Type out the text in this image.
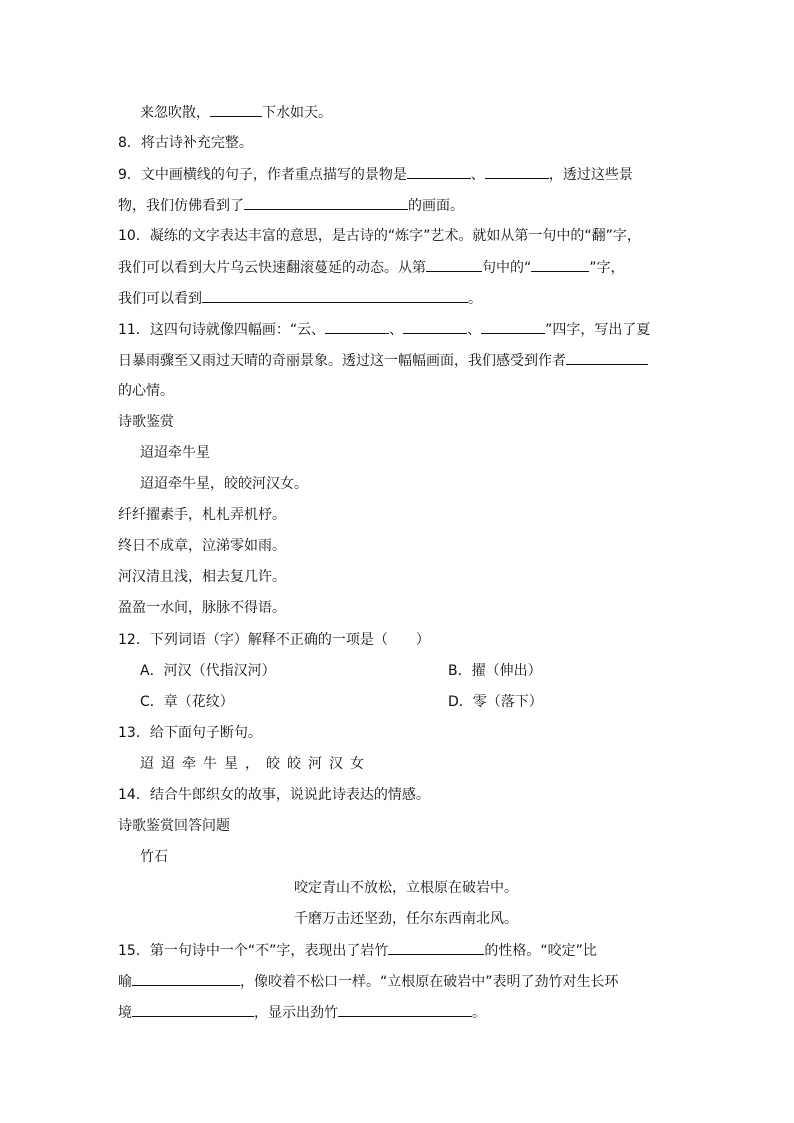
来忽吹散，	下水如天。
8．将古诗补充完整。
9．文中画横线的句子，作者重点描写的景物是	、	，透过这些景
物，我们仿佛看到了	的画面。
10．凝练的文字表达丰富的意思，是古诗的“炼字”艺术。就如从第一句中的“翻”字，
我们可以看到大片乌云快速翻滚蔓延的动态。从第	句中的“	”字，
我们可以看到	。
11．这四句诗就像四幅画：“云、	、	、	”四字，写出了夏
日暴雨骤至又雨过天晴的奇丽景象。透过这一幅幅画面，我们感受到作者
的心情。
诗歌鉴赏
迢迢牵牛星
迢迢牵牛星，皎皎河汉女。
纤纤擢素手，札札弄机杼。
终日不成章，泣涕零如雨。
河汉清且浅，相去复几许。
盈盈一水间，脉脉不得语。
12．下列词语（字）解释不正确的一项是（　　）
A．河汉（代指汉河）	B．擢（伸出）
C．章（花纹）	D．零（落下）
13．给下面句子断句。
迢迢牵牛星，皎皎河汉女
14．结合牛郎织女的故事，说说此诗表达的情感。
诗歌鉴赏回答问题
竹石
咬定青山不放松，立根原在破岩中。
千磨万击还坚劲，任尔东西南北风。
15．第一句诗中一个“不”字，表现出了岩竹	的性格。“咬定”比
喻	，像咬着不松口一样。“立根原在破岩中”表明了劲竹对生长环
境	，显示出劲竹	。
